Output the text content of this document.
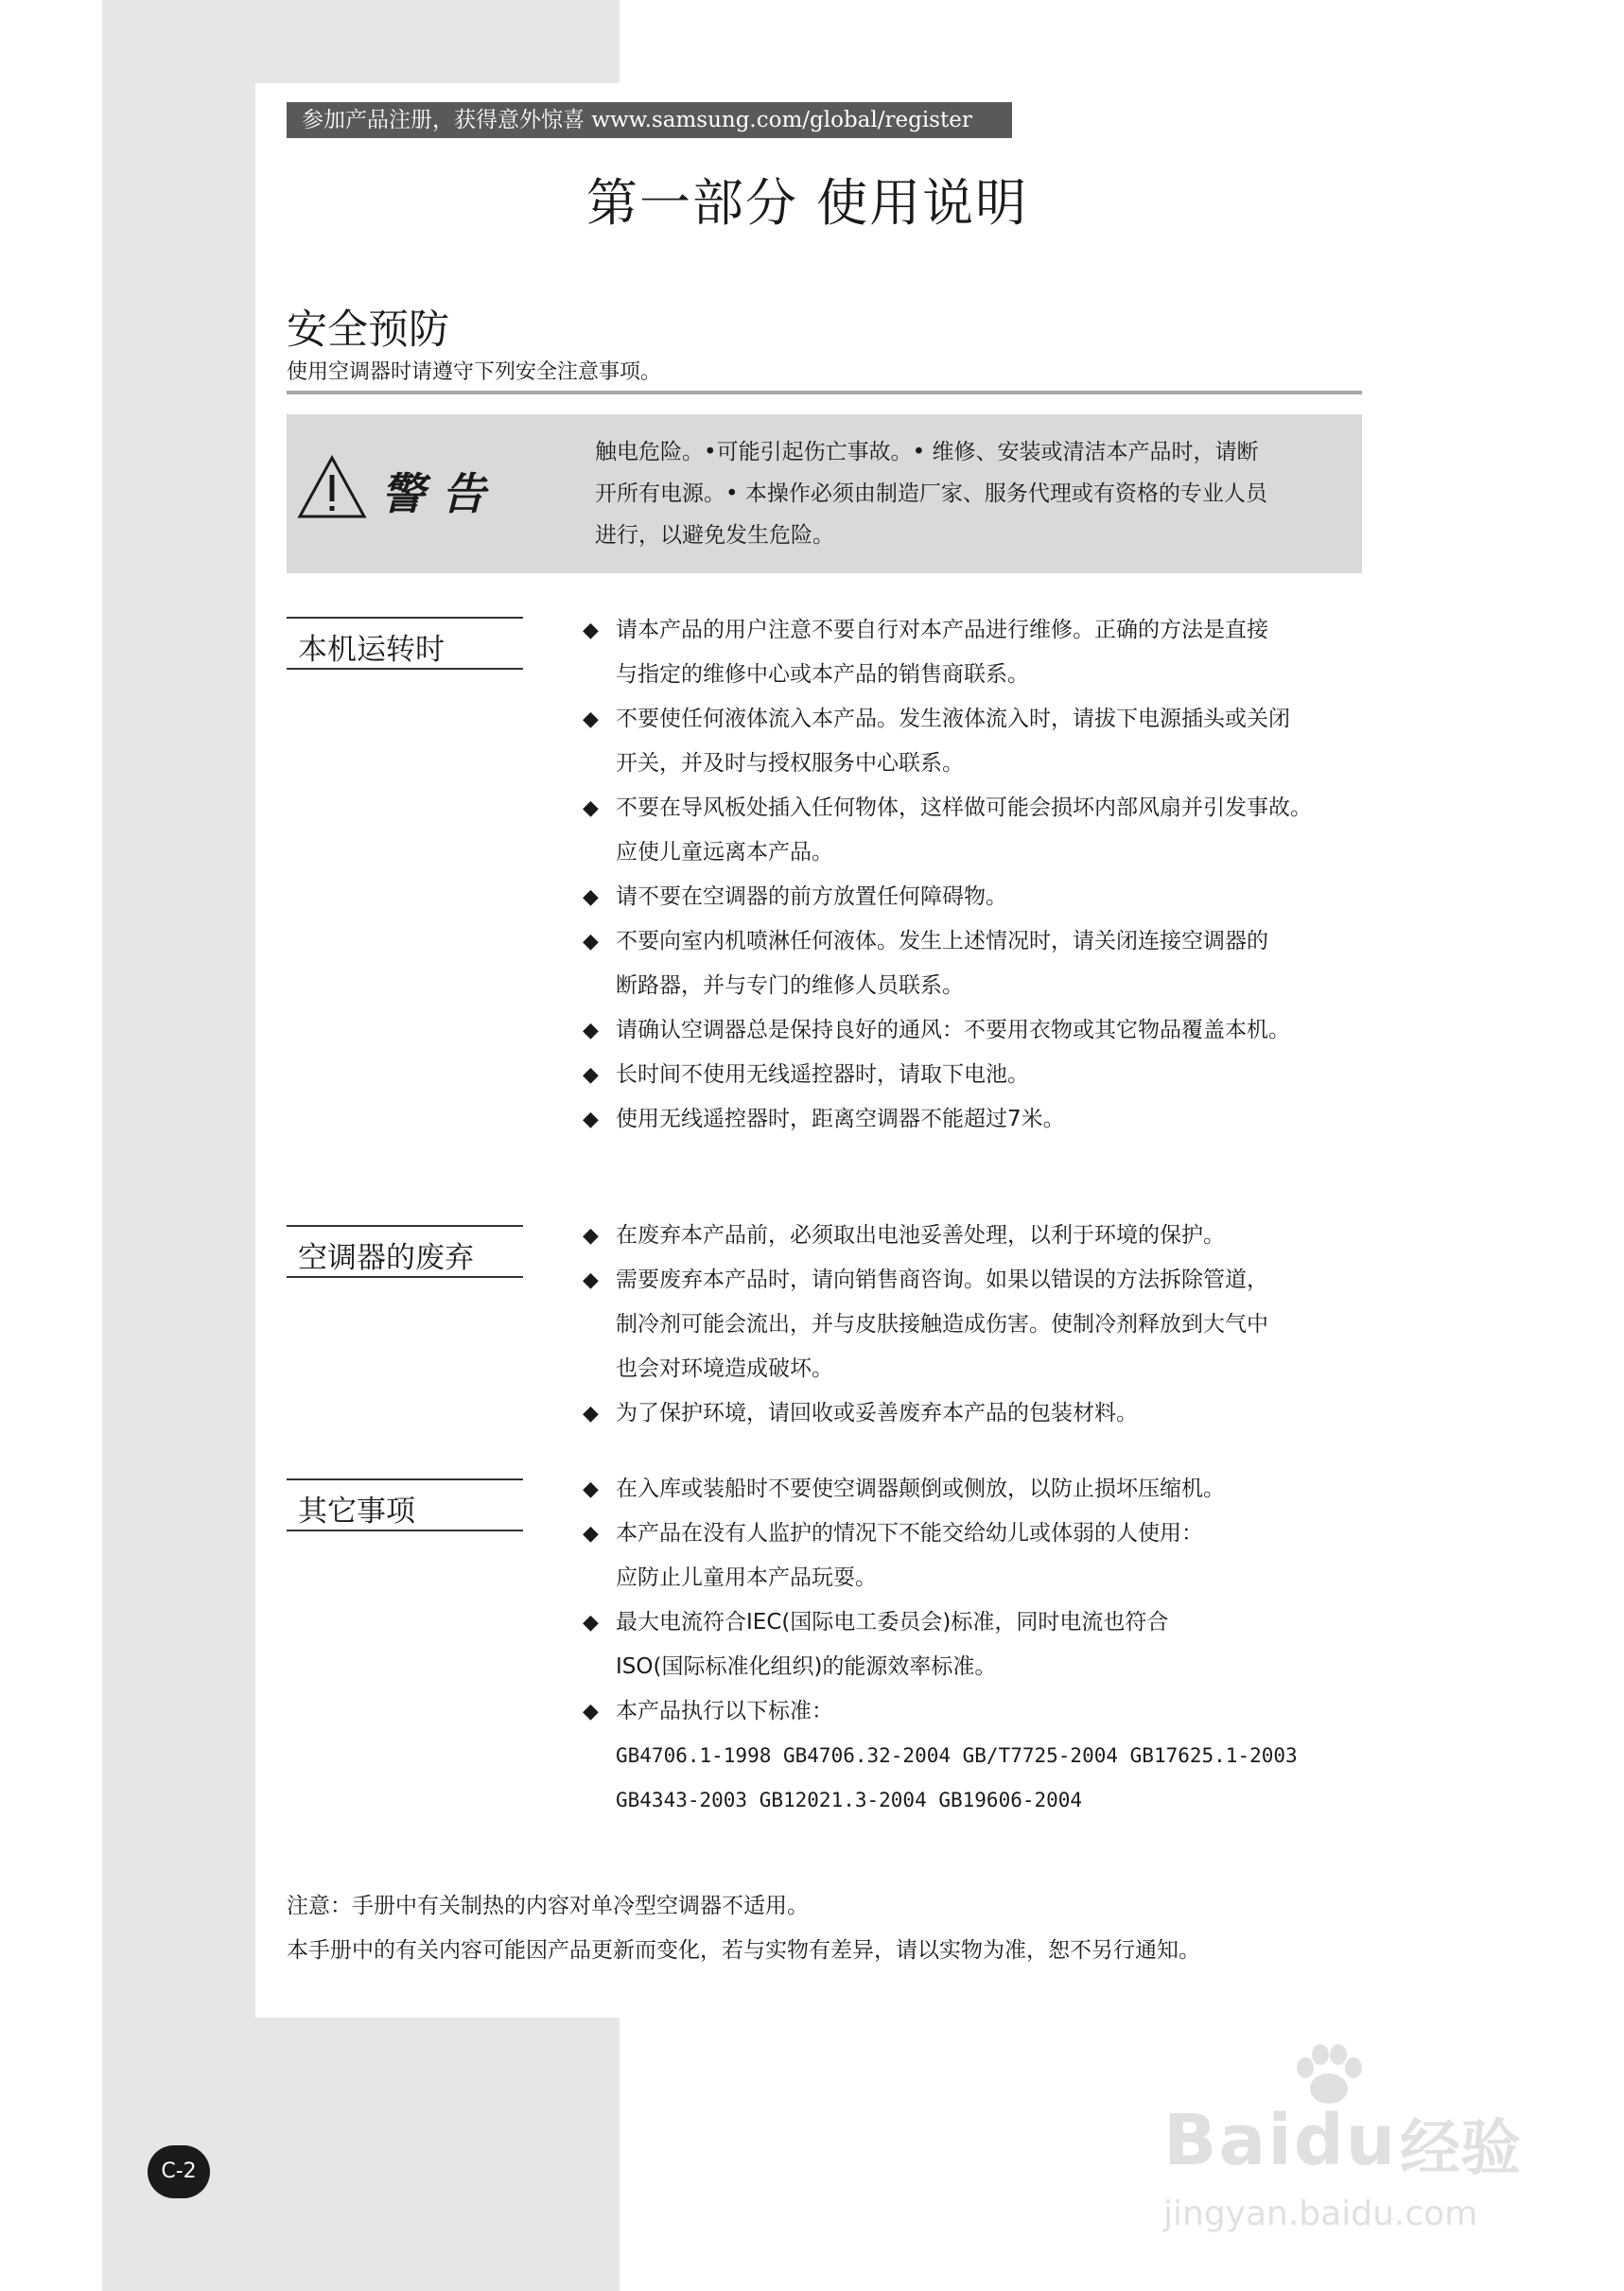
参加产品注册，获得意外惊喜 www.samsung.com/global/register
第一部分 使用说明
安全预防
使用空调器时请遵守下列安全注意事项。
警告
触电危险。•可能引起伤亡事故。• 维修、安装或清洁本产品时，请断
开所有电源。• 本操作必须由制造厂家、服务代理或有资格的专业人员
进行，以避免发生危险。
本机运转时
◆ 请本产品的用户注意不要自行对本产品进行维修。正确的方法是直接
与指定的维修中心或本产品的销售商联系。
◆ 不要使任何液体流入本产品。发生液体流入时，请拔下电源插头或关闭
开关，并及时与授权服务中心联系。
◆ 不要在导风板处插入任何物体，这样做可能会损坏内部风扇并引发事故。
应使儿童远离本产品。
◆ 请不要在空调器的前方放置任何障碍物。
◆ 不要向室内机喷淋任何液体。发生上述情况时，请关闭连接空调器的
断路器，并与专门的维修人员联系。
◆ 请确认空调器总是保持良好的通风：不要用衣物或其它物品覆盖本机。
◆ 长时间不使用无线遥控器时，请取下电池。
◆ 使用无线遥控器时，距离空调器不能超过7米。
空调器的废弃
◆ 在废弃本产品前，必须取出电池妥善处理，以利于环境的保护。
◆ 需要废弃本产品时，请向销售商咨询。如果以错误的方法拆除管道，
制冷剂可能会流出，并与皮肤接触造成伤害。使制冷剂释放到大气中
也会对环境造成破坏。
◆ 为了保护环境，请回收或妥善废弃本产品的包装材料。
其它事项
◆ 在入库或装船时不要使空调器颠倒或侧放，以防止损坏压缩机。
◆ 本产品在没有人监护的情况下不能交给幼儿或体弱的人使用：
应防止儿童用本产品玩耍。
◆ 最大电流符合IEC(国际电工委员会)标准，同时电流也符合
ISO(国际标准化组织)的能源效率标准。
◆ 本产品执行以下标准：
GB4706.1-1998 GB4706.32-2004 GB/T7725-2004 GB17625.1-2003
GB4343-2003 GB12021.3-2004 GB19606-2004
注意：手册中有关制热的内容对单冷型空调器不适用。
本手册中的有关内容可能因产品更新而变化，若与实物有差异，请以实物为准，恕不另行通知。
C-2	Baidu 经验
jingyan.baidu.com
